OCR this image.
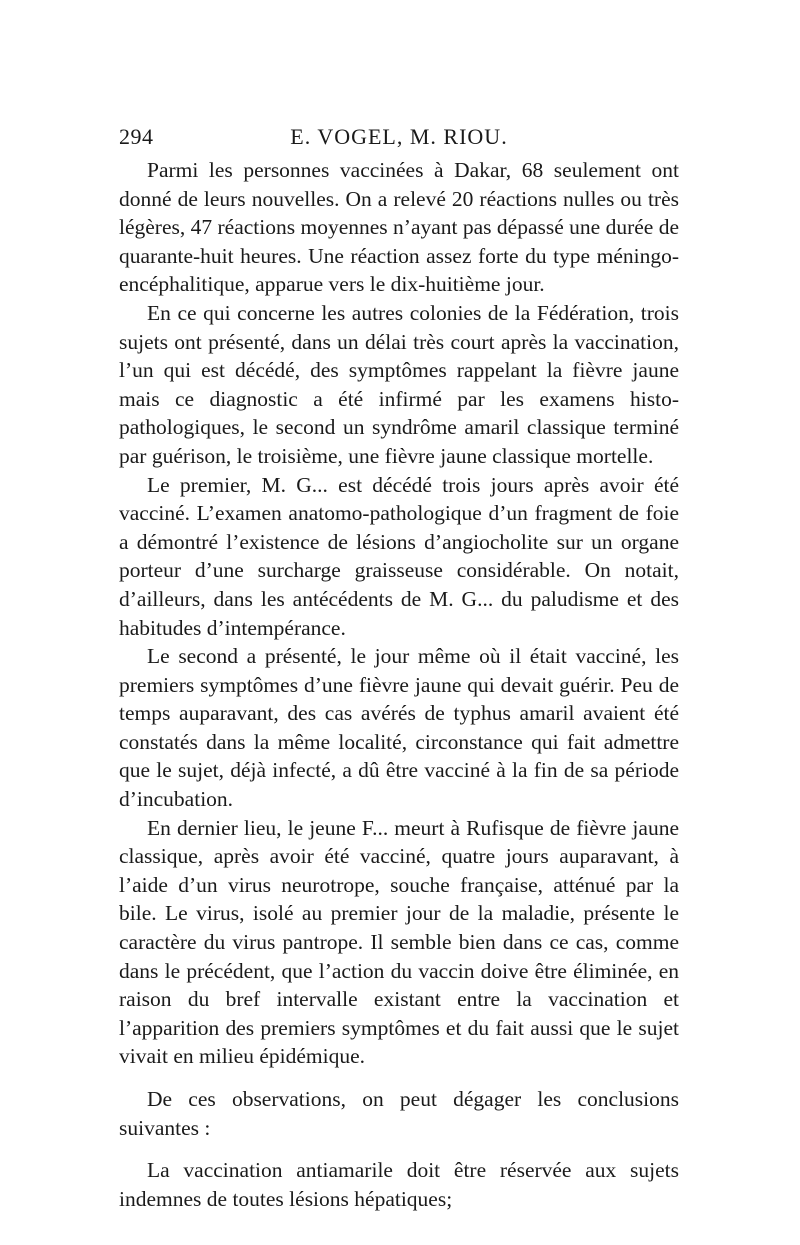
294	E. VOGEL, M. RIOU.

Parmi les personnes vaccinées à Dakar, 68 seulement ont donné de leurs nouvelles. On a relevé 20 réactions nulles ou très légères, 47 réactions moyennes n’ayant pas dépassé une durée de quarante-huit heures. Une réaction assez forte du type méningo-encéphalitique, apparue vers le dix-huitième jour.

En ce qui concerne les autres colonies de la Fédération, trois sujets ont présenté, dans un délai très court après la vaccination, l’un qui est décédé, des symptômes rappelant la fièvre jaune mais ce diagnostic a été infirmé par les examens histo-pathologiques, le second un syndrôme amaril classique terminé par guérison, le troisième, une fièvre jaune classique mortelle.

Le premier, M. G... est décédé trois jours après avoir été vacciné. L’examen anatomo-pathologique d’un fragment de foie a démontré l’existence de lésions d’angiocholite sur un organe porteur d’une surcharge graisseuse considérable. On notait, d’ailleurs, dans les antécédents de M. G... du paludisme et des habitudes d’intempérance.

Le second a présenté, le jour même où il était vacciné, les premiers symptômes d’une fièvre jaune qui devait guérir. Peu de temps auparavant, des cas avérés de typhus amaril avaient été constatés dans la même localité, circonstance qui fait admettre que le sujet, déjà infecté, a dû être vacciné à la fin de sa période d’incubation.

En dernier lieu, le jeune F... meurt à Rufisque de fièvre jaune classique, après avoir été vacciné, quatre jours auparavant, à l’aide d’un virus neurotrope, souche française, atténué par la bile. Le virus, isolé au premier jour de la maladie, présente le caractère du virus pantrope. Il semble bien dans ce cas, comme dans le précédent, que l’action du vaccin doive être éliminée, en raison du bref intervalle existant entre la vaccination et l’apparition des premiers symptômes et du fait aussi que le sujet vivait en milieu épidémique.

De ces observations, on peut dégager les conclusions suivantes :

La vaccination antiamarile doit être réservée aux sujets indemnes de toutes lésions hépatiques;
